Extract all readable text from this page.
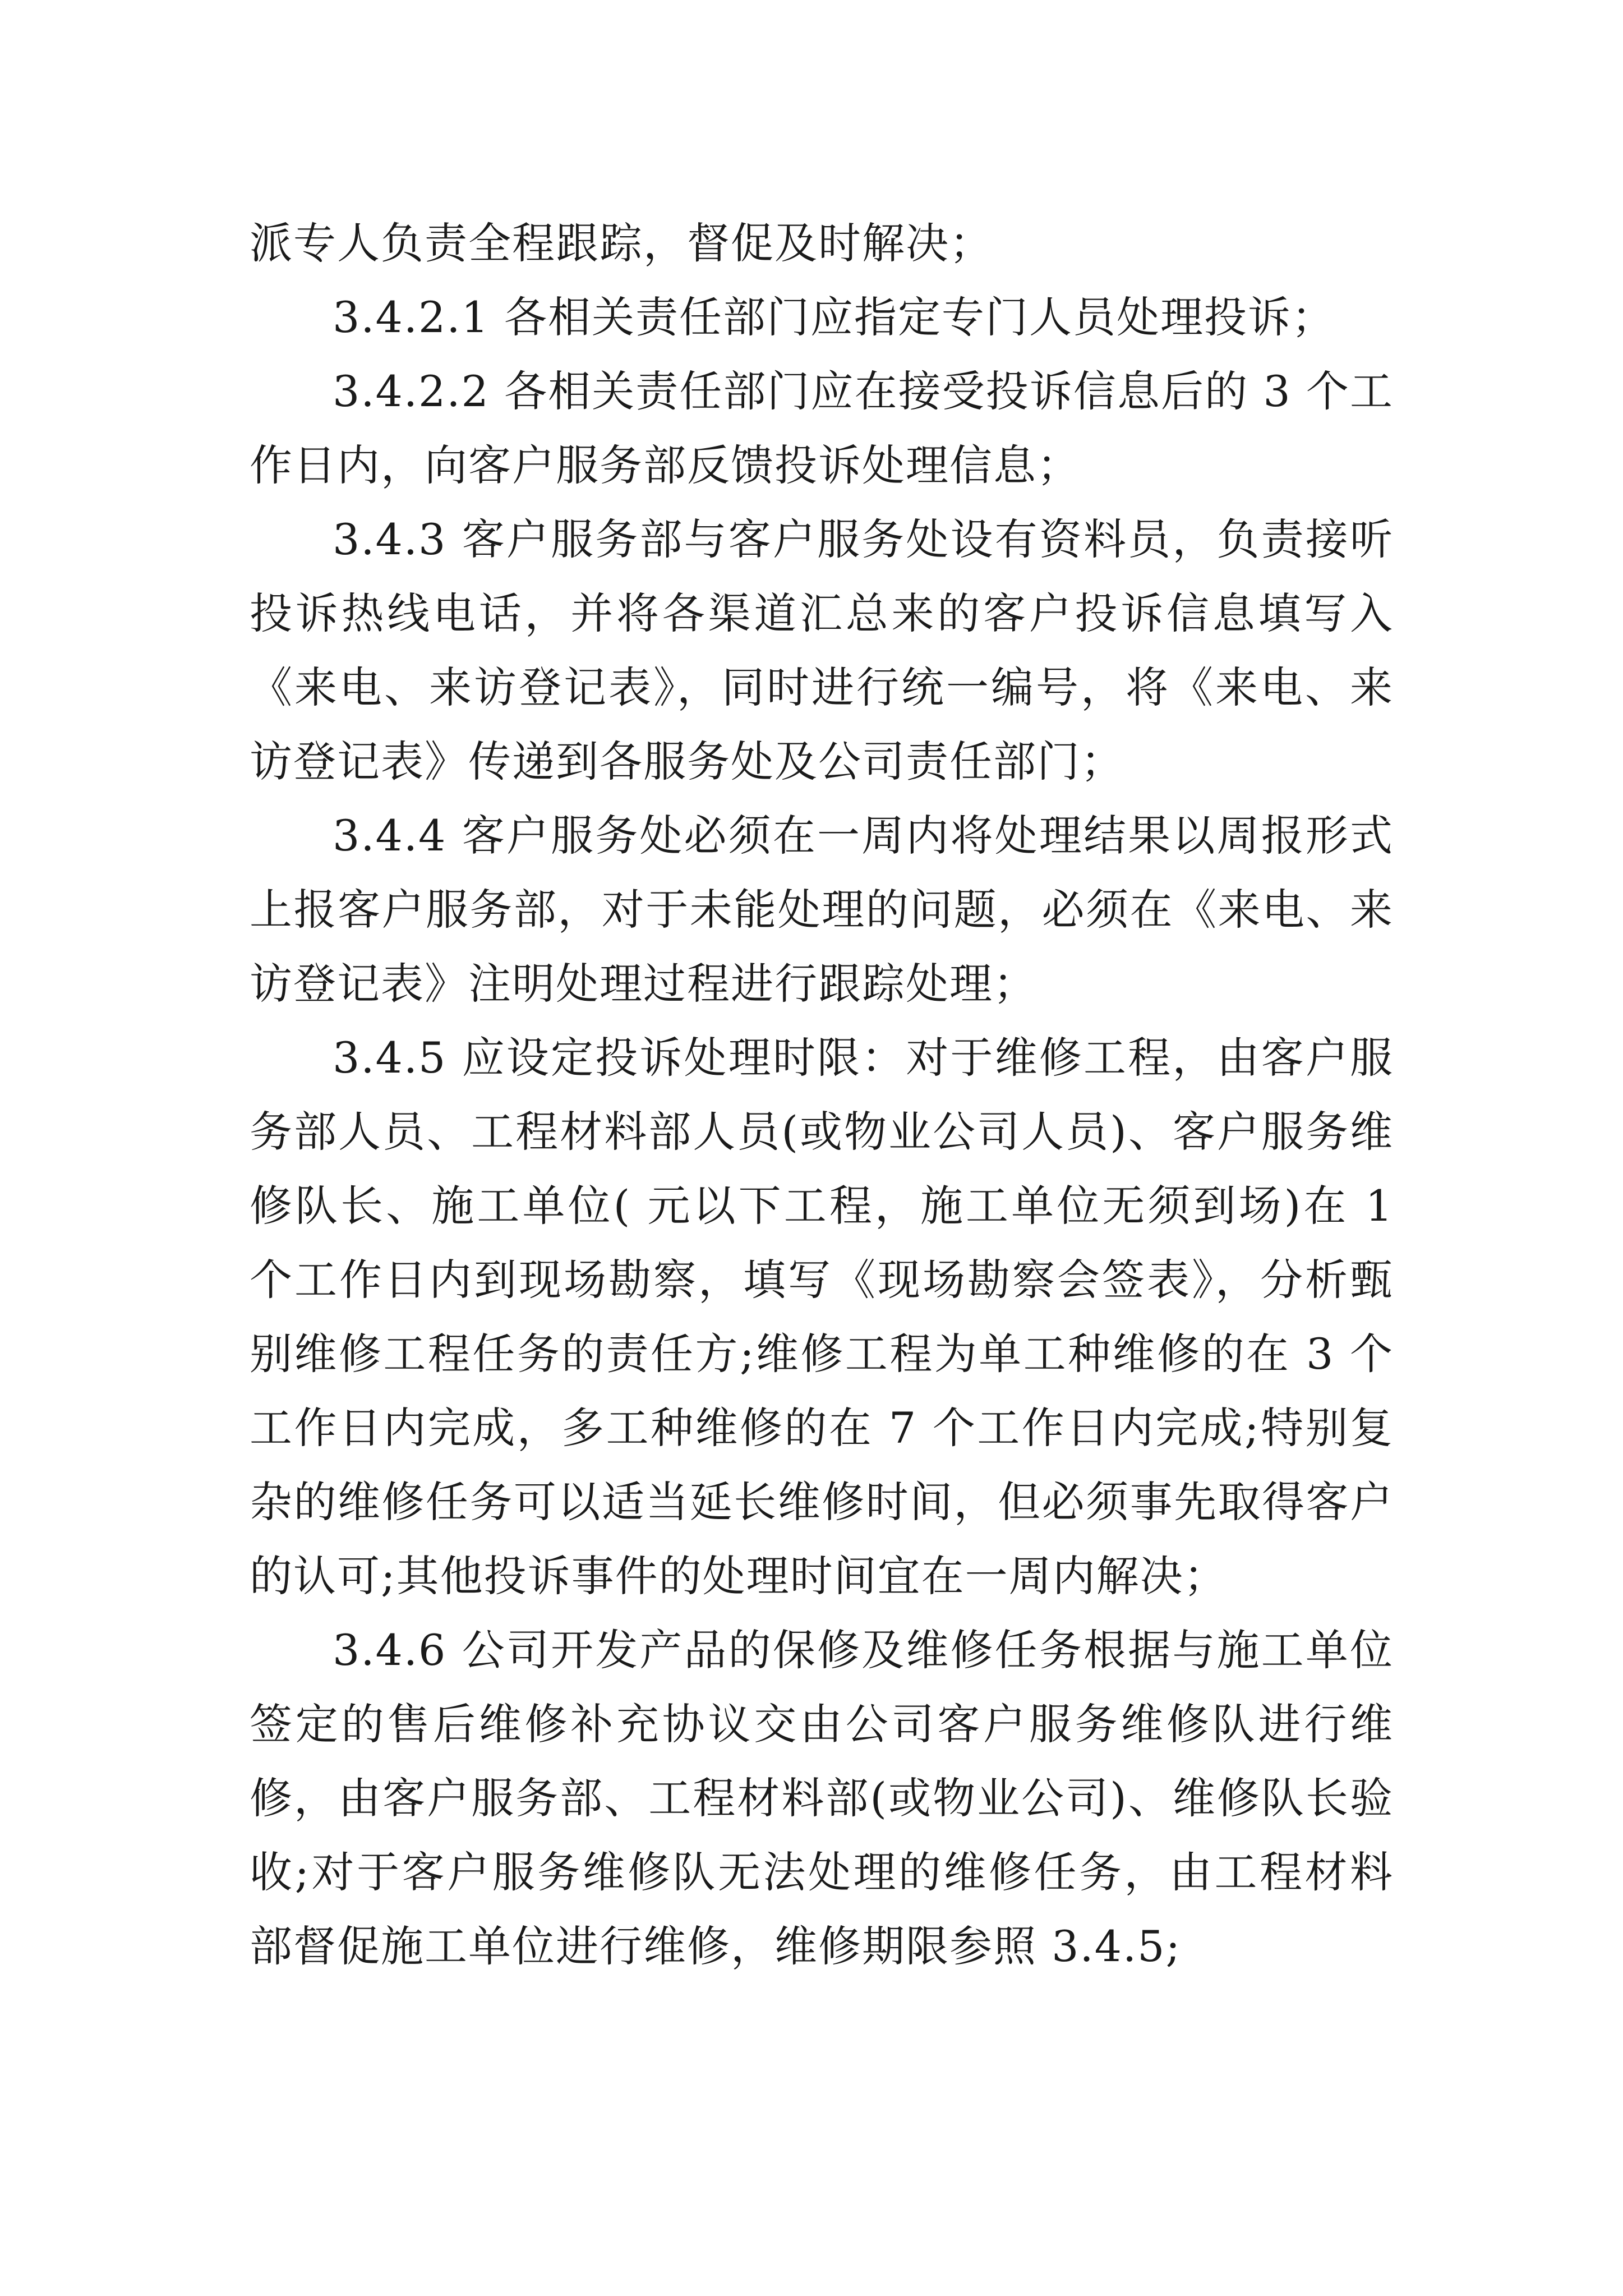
派专人负责全程跟踪，督促及时解决；

3.4.2.1 各相关责任部门应指定专门人员处理投诉；

3.4.2.2 各相关责任部门应在接受投诉信息后的 3 个工作日内，向客户服务部反馈投诉处理信息；

3.4.3 客户服务部与客户服务处设有资料员，负责接听投诉热线电话，并将各渠道汇总来的客户投诉信息填写入《来电、来访登记表》，同时进行统一编号，将《来电、来访登记表》传递到各服务处及公司责任部门；

3.4.4 客户服务处必须在一周内将处理结果以周报形式上报客户服务部，对于未能处理的问题，必须在《来电、来访登记表》注明处理过程进行跟踪处理；

3.4.5 应设定投诉处理时限：对于维修工程，由客户服务部人员、工程材料部人员(或物业公司人员)、客户服务维修队长、施工单位( 元以下工程，施工单位无须到场)在 1 个工作日内到现场勘察，填写《现场勘察会签表》，分析甄别维修工程任务的责任方;维修工程为单工种维修的在 3 个工作日内完成，多工种维修的在 7 个工作日内完成;特别复杂的维修任务可以适当延长维修时间，但必须事先取得客户的认可;其他投诉事件的处理时间宜在一周内解决；

3.4.6 公司开发产品的保修及维修任务根据与施工单位签定的售后维修补充协议交由公司客户服务维修队进行维修，由客户服务部、工程材料部(或物业公司)、维修队长验收;对于客户服务维修队无法处理的维修任务，由工程材料部督促施工单位进行维修，维修期限参照 3.4.5;
